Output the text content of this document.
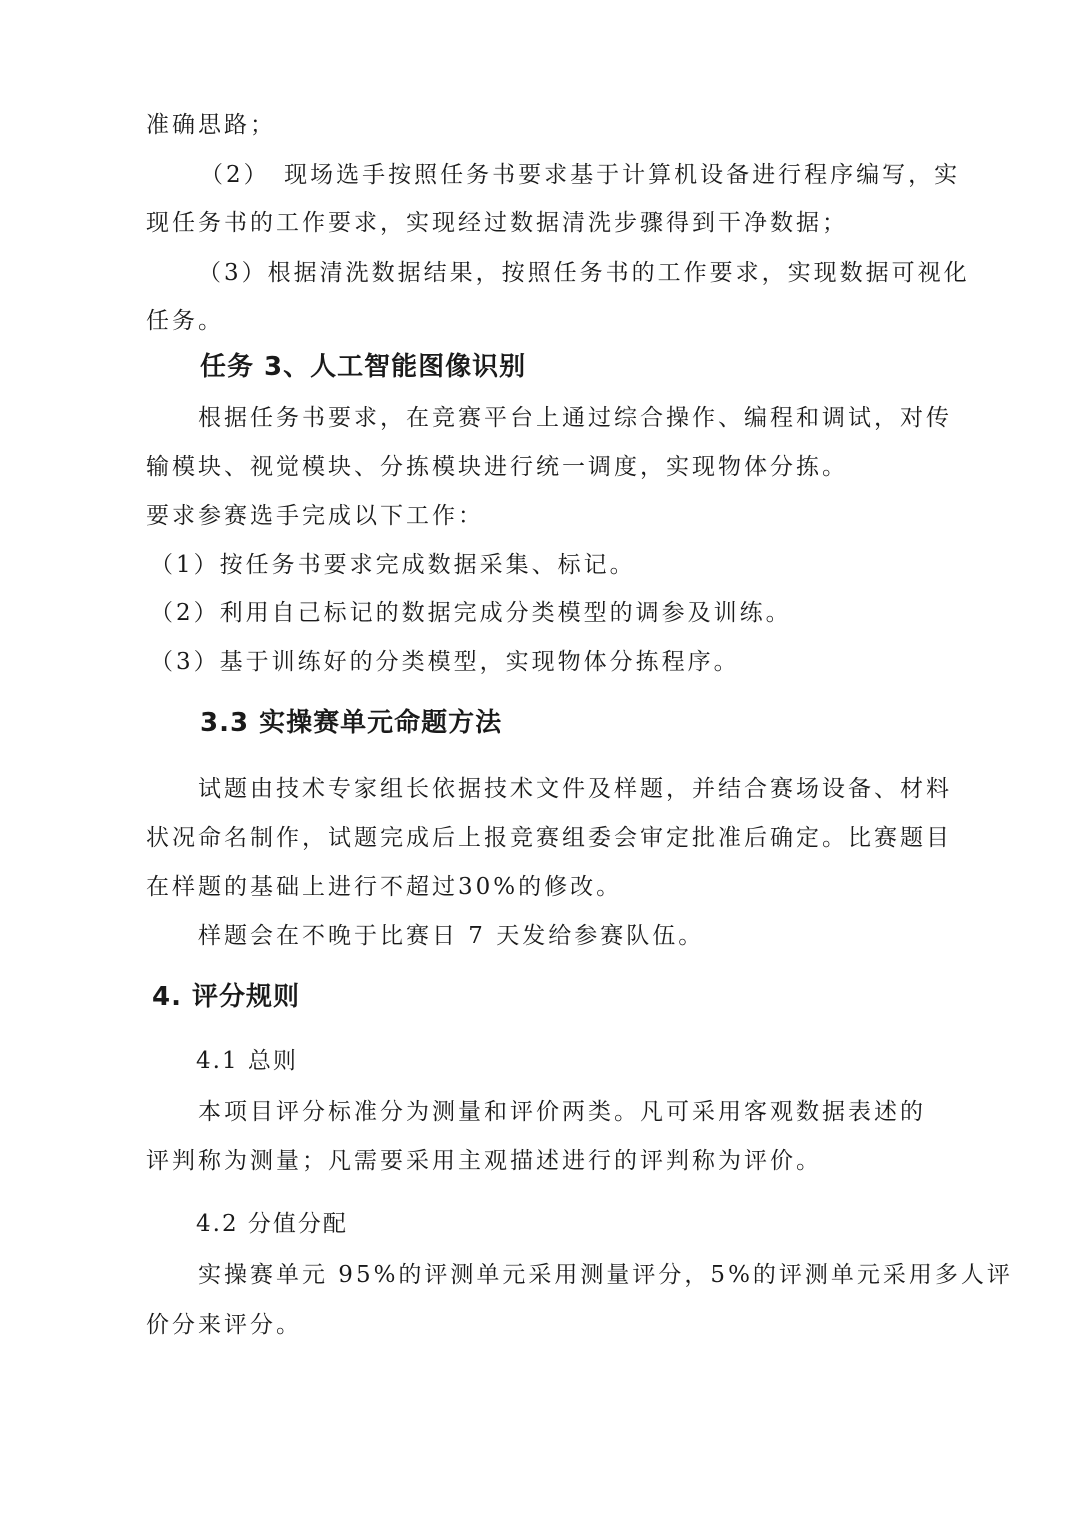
准确思路；
（2）　现场选手按照任务书要求基于计算机设备进行程序编写，实
现任务书的工作要求，实现经过数据清洗步骤得到干净数据；
（3）根据清洗数据结果，按照任务书的工作要求，实现数据可视化
任务。
任务 3、人工智能图像识别
根据任务书要求，在竞赛平台上通过综合操作、编程和调试，对传
输模块、视觉模块、分拣模块进行统一调度，实现物体分拣。
要求参赛选手完成以下工作：
（1）按任务书要求完成数据采集、标记。
（2）利用自己标记的数据完成分类模型的调参及训练。
（3）基于训练好的分类模型，实现物体分拣程序。
3.3 实操赛单元命题方法
试题由技术专家组长依据技术文件及样题，并结合赛场设备、材料
状况命名制作，试题完成后上报竞赛组委会审定批准后确定。比赛题目
在样题的基础上进行不超过30%的修改。
样题会在不晚于比赛日 7 天发给参赛队伍。
4. 评分规则
4.1 总则
本项目评分标准分为测量和评价两类。凡可采用客观数据表述的
评判称为测量；凡需要采用主观描述进行的评判称为评价。
4.2 分值分配
实操赛单元 95%的评测单元采用测量评分，5%的评测单元采用多人评
价分来评分。
